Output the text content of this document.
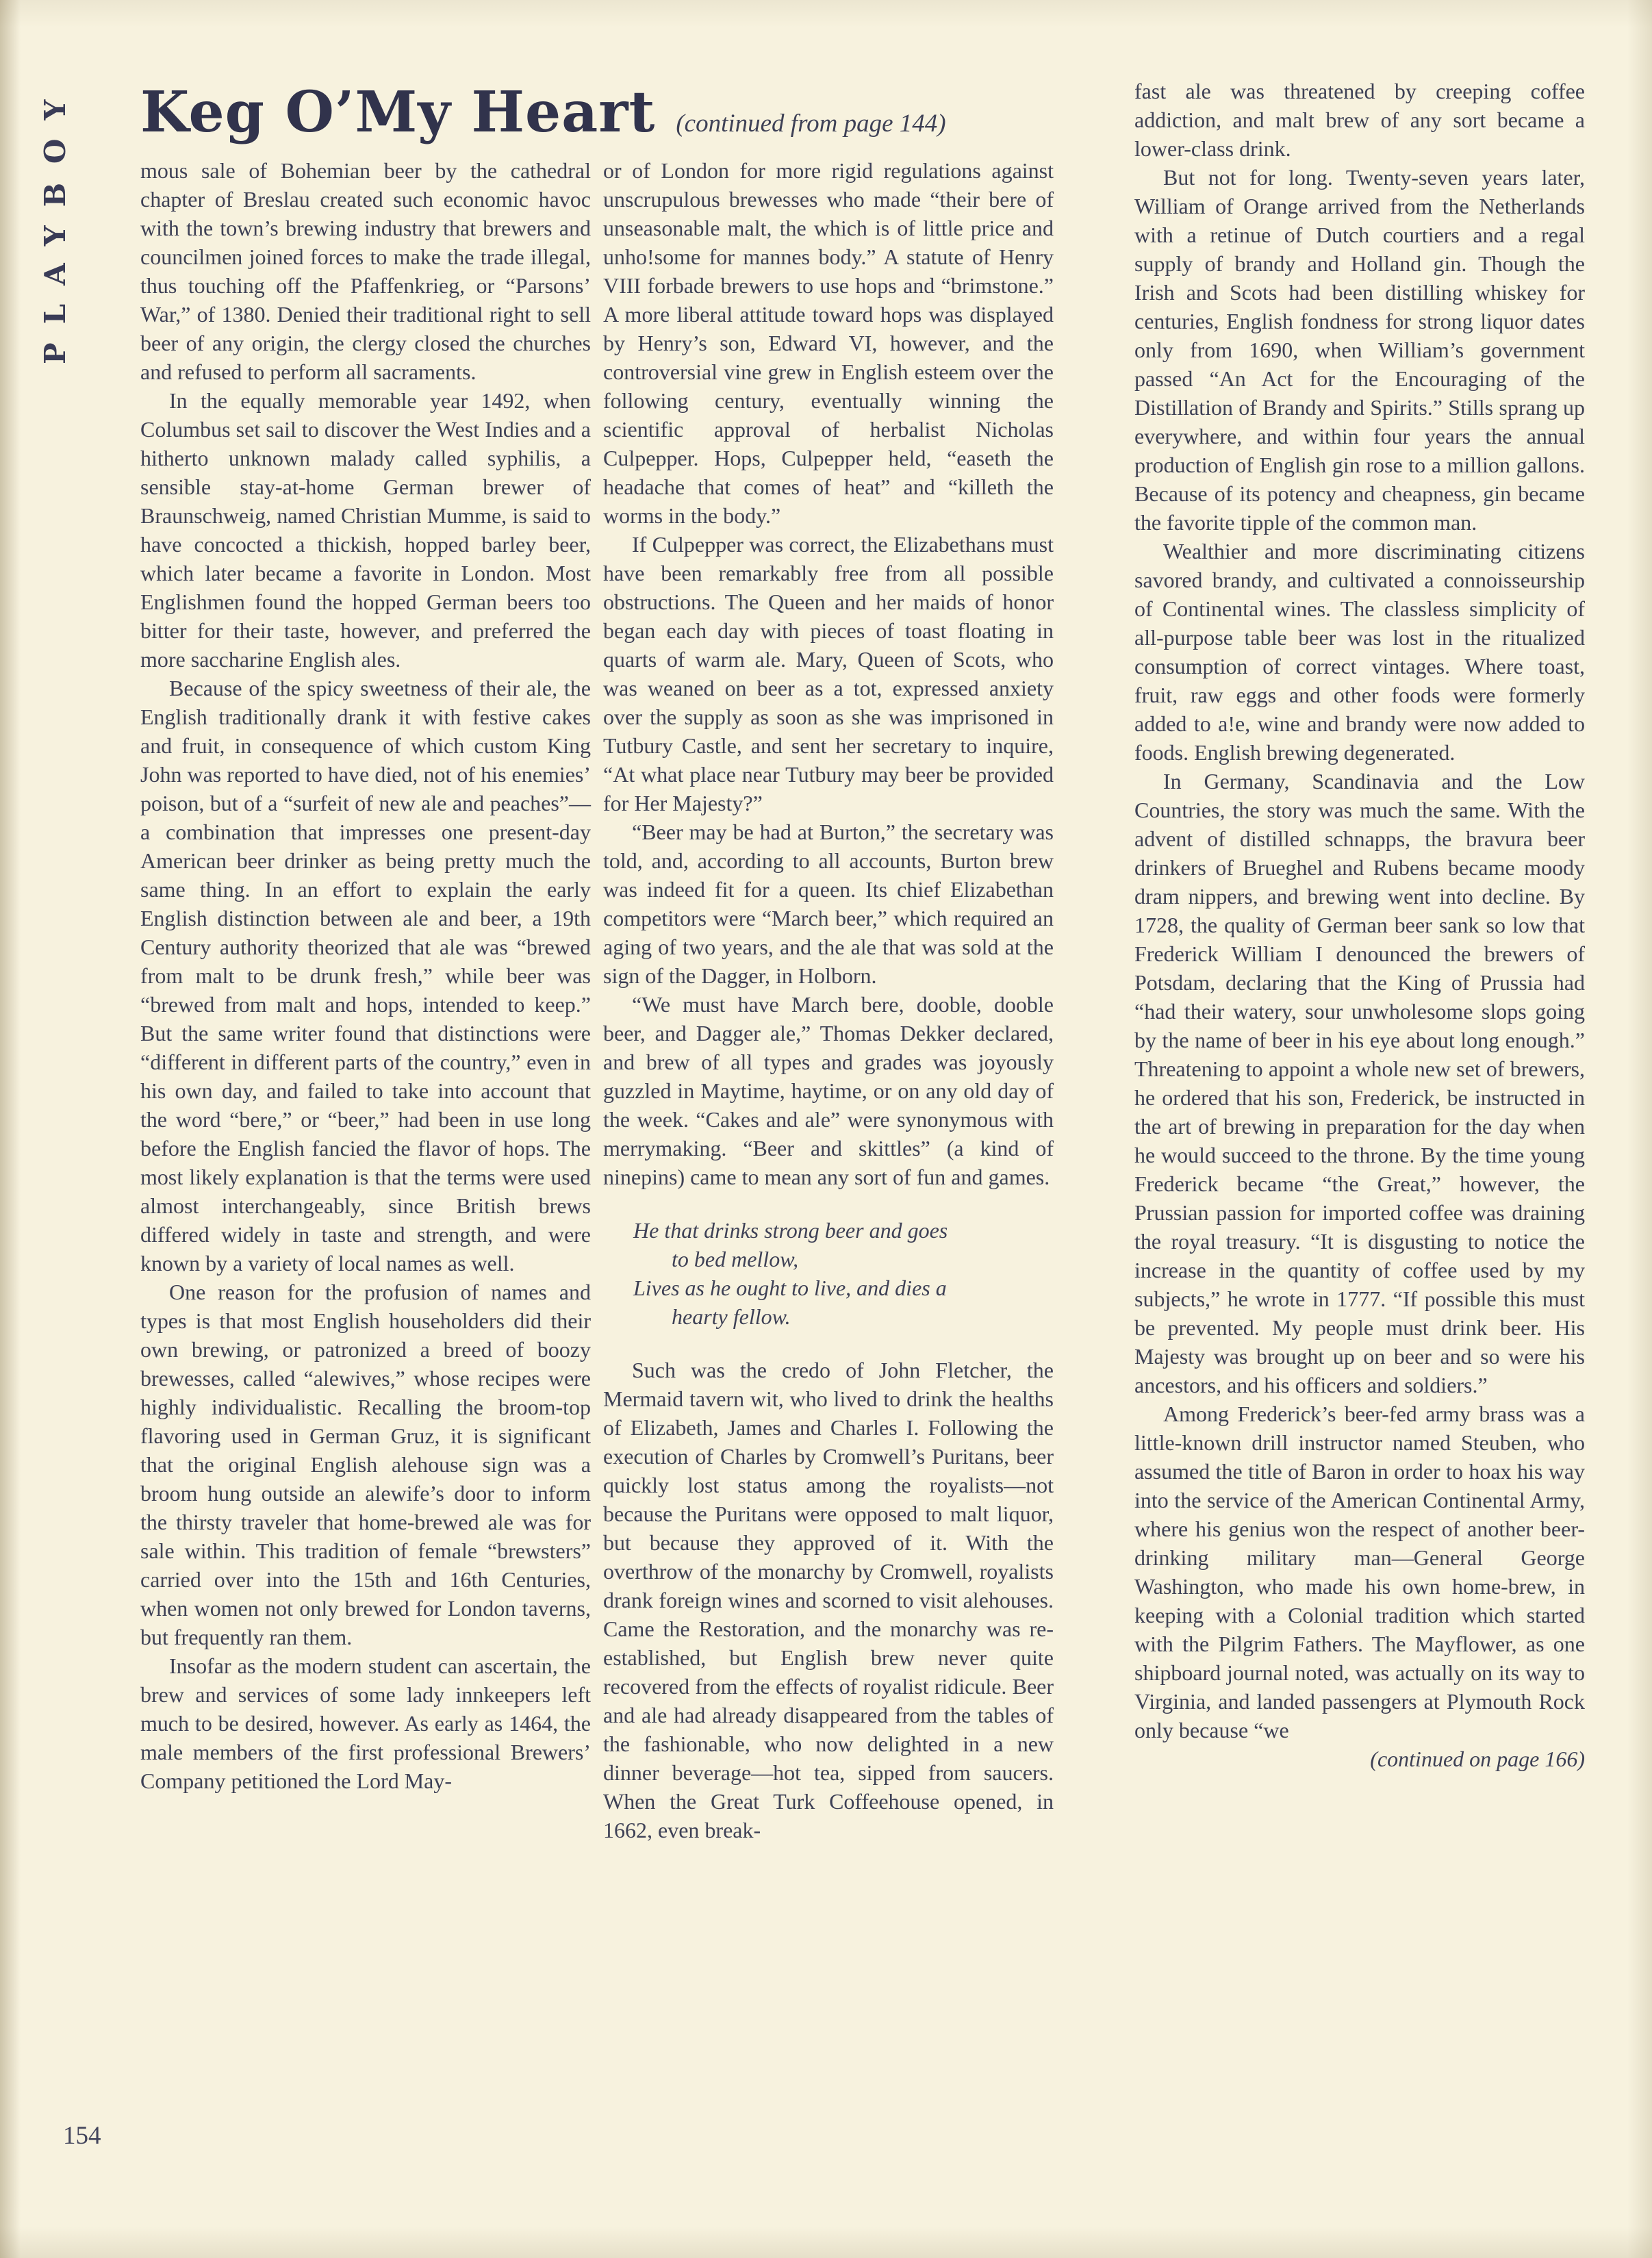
PLAYBOY Keg O’My Heart (continued from page 144)

mous sale of Bohemian beer by the cathedral chapter of Breslau created such economic havoc with the town’s brewing industry that brewers and councilmen joined forces to make the trade illegal, thus touching off the Pfaffenkrieg, or “Parsons’ War,” of 1380. Denied their traditional right to sell beer of any origin, the clergy closed the churches and refused to perform all sacraments.

In the equally memorable year 1492, when Columbus set sail to discover the West Indies and a hitherto unknown malady called syphilis, a sensible stay-at-home German brewer of Braunschweig, named Christian Mumme, is said to have concocted a thickish, hopped barley beer, which later became a favorite in London. Most Englishmen found the hopped German beers too bitter for their taste, however, and preferred the more saccharine English ales.

Because of the spicy sweetness of their ale, the English traditionally drank it with festive cakes and fruit, in consequence of which custom King John was reported to have died, not of his enemies’ poison, but of a “surfeit of new ale and peaches”—a combination that impresses one present-day American beer drinker as being pretty much the same thing. In an effort to explain the early English distinction between ale and beer, a 19th Century authority theorized that ale was “brewed from malt to be drunk fresh,” while beer was “brewed from malt and hops, intended to keep.” But the same writer found that distinctions were “different in different parts of the country,” even in his own day, and failed to take into account that the word “bere,” or “beer,” had been in use long before the English fancied the flavor of hops. The most likely explanation is that the terms were used almost interchangeably, since British brews differed widely in taste and strength, and were known by a variety of local names as well.

One reason for the profusion of names and types is that most English householders did their own brewing, or patronized a breed of boozy brewesses, called “alewives,” whose recipes were highly individualistic. Recalling the broom-top flavoring used in German Gruz, it is significant that the original English alehouse sign was a broom hung outside an alewife’s door to inform the thirsty traveler that home-brewed ale was for sale within. This tradition of female “brewsters” carried over into the 15th and 16th Centuries, when women not only brewed for London taverns, but frequently ran them.

Insofar as the modern student can ascertain, the brew and services of some lady innkeepers left much to be desired, however. As early as 1464, the male members of the first professional Brewers’ Company petitioned the Lord May-

or of London for more rigid regulations against unscrupulous brewesses who made “their bere of unseasonable malt, the which is of little price and unho!some for mannes body.” A statute of Henry VIII forbade brewers to use hops and “brimstone.” A more liberal attitude toward hops was displayed by Henry’s son, Edward VI, however, and the controversial vine grew in English esteem over the following century, eventually winning the scientific approval of herbalist Nicholas Culpepper. Hops, Culpepper held, “easeth the headache that comes of heat” and “killeth the worms in the body.”

If Culpepper was correct, the Elizabethans must have been remarkably free from all possible obstructions. The Queen and her maids of honor began each day with pieces of toast floating in quarts of warm ale. Mary, Queen of Scots, who was weaned on beer as a tot, expressed anxiety over the supply as soon as she was imprisoned in Tutbury Castle, and sent her secretary to inquire, “At what place near Tutbury may beer be provided for Her Majesty?”

“Beer may be had at Burton,” the secretary was told, and, according to all accounts, Burton brew was indeed fit for a queen. Its chief Elizabethan competitors were “March beer,” which required an aging of two years, and the ale that was sold at the sign of the Dagger, in Holborn.

“We must have March bere, dooble, dooble beer, and Dagger ale,” Thomas Dekker declared, and brew of all types and grades was joyously guzzled in Maytime, haytime, or on any old day of the week. “Cakes and ale” were synonymous with merrymaking. “Beer and skittles” (a kind of ninepins) came to mean any sort of fun and games.

He that drinks strong beer and goes
to bed mellow,
Lives as he ought to live, and dies a
hearty fellow.

Such was the credo of John Fletcher, the Mermaid tavern wit, who lived to drink the healths of Elizabeth, James and Charles I. Following the execution of Charles by Cromwell’s Puritans, beer quickly lost status among the royalists—not because the Puritans were opposed to malt liquor, but because they approved of it. With the overthrow of the monarchy by Cromwell, royalists drank foreign wines and scorned to visit alehouses. Came the Restoration, and the monarchy was re-established, but English brew never quite recovered from the effects of royalist ridicule. Beer and ale had already disappeared from the tables of the fashionable, who now delighted in a new dinner beverage—hot tea, sipped from saucers. When the Great Turk Coffeehouse opened, in 1662, even break-

fast ale was threatened by creeping coffee addiction, and malt brew of any sort became a lower-class drink.

But not for long. Twenty-seven years later, William of Orange arrived from the Netherlands with a retinue of Dutch courtiers and a regal supply of brandy and Holland gin. Though the Irish and Scots had been distilling whiskey for centuries, English fondness for strong liquor dates only from 1690, when William’s government passed “An Act for the Encouraging of the Distillation of Brandy and Spirits.” Stills sprang up everywhere, and within four years the annual production of English gin rose to a million gallons. Because of its potency and cheapness, gin became the favorite tipple of the common man.

Wealthier and more discriminating citizens savored brandy, and cultivated a connoisseurship of Continental wines. The classless simplicity of all-purpose table beer was lost in the ritualized consumption of correct vintages. Where toast, fruit, raw eggs and other foods were formerly added to a!e, wine and brandy were now added to foods. English brewing degenerated.

In Germany, Scandinavia and the Low Countries, the story was much the same. With the advent of distilled schnapps, the bravura beer drinkers of Brueghel and Rubens became moody dram nippers, and brewing went into decline. By 1728, the quality of German beer sank so low that Frederick William I denounced the brewers of Potsdam, declaring that the King of Prussia had “had their watery, sour unwholesome slops going by the name of beer in his eye about long enough.” Threatening to appoint a whole new set of brewers, he ordered that his son, Frederick, be instructed in the art of brewing in preparation for the day when he would succeed to the throne. By the time young Frederick became “the Great,” however, the Prussian passion for imported coffee was draining the royal treasury. “It is disgusting to notice the increase in the quantity of coffee used by my subjects,” he wrote in 1777. “If possible this must be prevented. My people must drink beer. His Majesty was brought up on beer and so were his ancestors, and his officers and soldiers.”

Among Frederick’s beer-fed army brass was a little-known drill instructor named Steuben, who assumed the title of Baron in order to hoax his way into the service of the American Continental Army, where his genius won the respect of another beer-drinking military man—General George Washington, who made his own home-brew, in keeping with a Colonial tradition which started with the Pilgrim Fathers. The Mayflower, as one shipboard journal noted, was actually on its way to Virginia, and landed passengers at Plymouth Rock only because “we

(continued on page 166)

154
